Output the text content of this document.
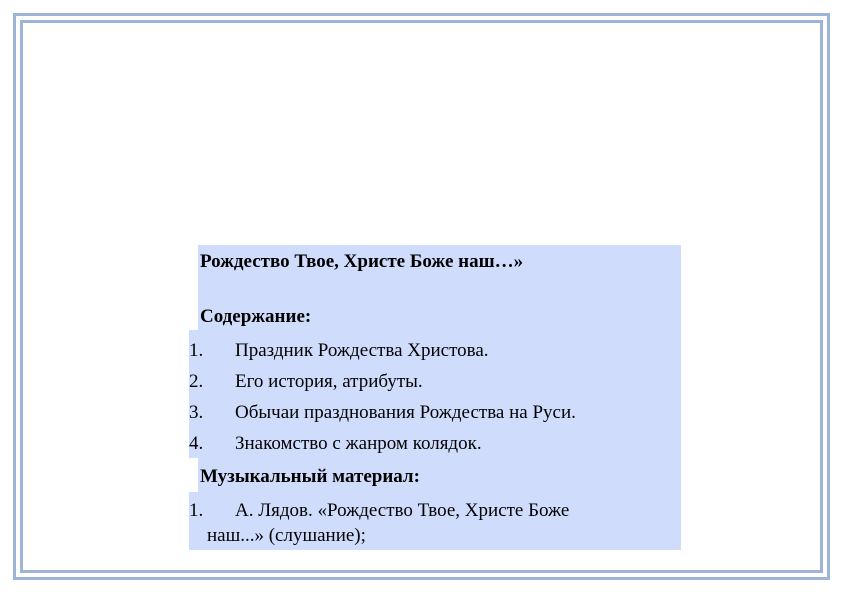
Рождество Твое, Христе Боже наш…»
Содержание:
1. Праздник Рождества Христова.
2. Его история, атрибуты.
3. Обычаи празднования Рождества на Руси.
4. Знакомство с жанром колядок.
Музыкальный материал:
1. А. Лядов. «Рождество Твое, Христе Боже
наш...» (слушание);
